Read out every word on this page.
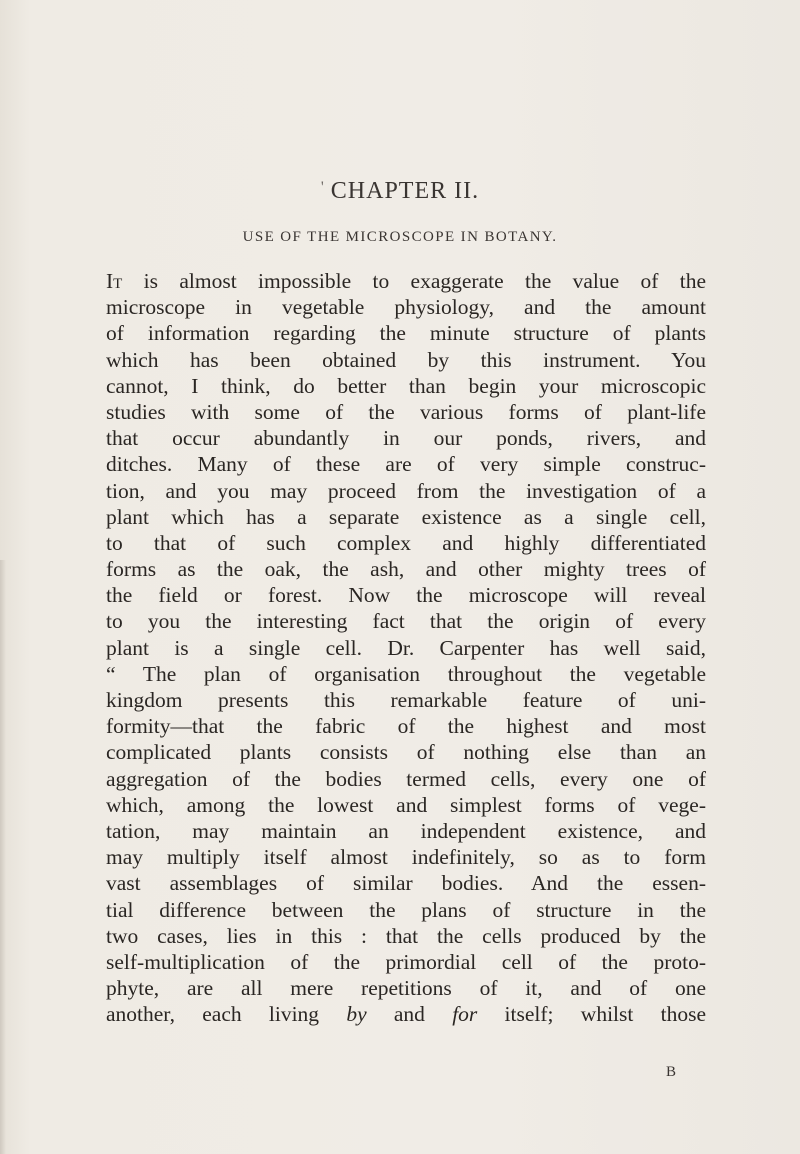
' CHAPTER II.
USE OF THE MICROSCOPE IN BOTANY.
It is almost impossible to exaggerate the value of the
microscope in vegetable physiology, and the amount
of information regarding the minute structure of plants
which has been obtained by this instrument. You
cannot, I think, do better than begin your microscopic
studies with some of the various forms of plant-life
that occur abundantly in our ponds, rivers, and
ditches. Many of these are of very simple construc-
tion, and you may proceed from the investigation of a
plant which has a separate existence as a single cell,
to that of such complex and highly differentiated
forms as the oak, the ash, and other mighty trees of
the field or forest. Now the microscope will reveal
to you the interesting fact that the origin of every
plant is a single cell. Dr. Carpenter has well said,
“ The plan of organisation throughout the vegetable
kingdom presents this remarkable feature of uni-
formity—that the fabric of the highest and most
complicated plants consists of nothing else than an
aggregation of the bodies termed cells, every one of
which, among the lowest and simplest forms of vege-
tation, may maintain an independent existence, and
may multiply itself almost indefinitely, so as to form
vast assemblages of similar bodies. And the essen-
tial difference between the plans of structure in the
two cases, lies in this : that the cells produced by the
self-multiplication of the primordial cell of the proto-
phyte, are all mere repetitions of it, and of one
another, each living by and for itself; whilst those
B
